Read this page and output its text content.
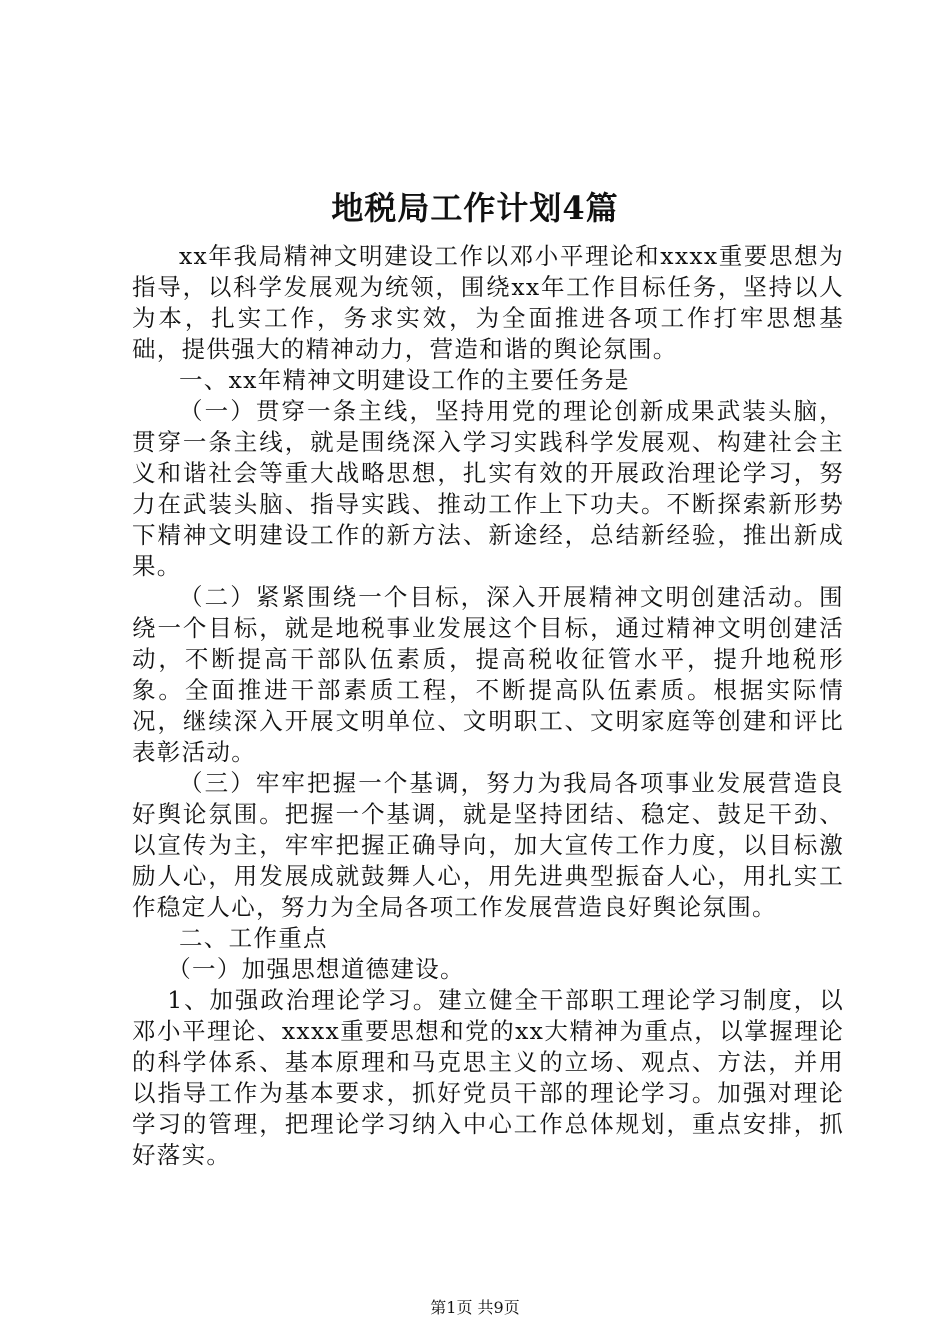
地税局工作计划4篇

xx年我局精神文明建设工作以邓小平理论和xxxx重要思想为指导，以科学发展观为统领，围绕xx年工作目标任务，坚持以人为本，扎实工作，务求实效，为全面推进各项工作打牢思想基础，提供强大的精神动力，营造和谐的舆论氛围。

一、xx年精神文明建设工作的主要任务是

（一）贯穿一条主线，坚持用党的理论创新成果武装头脑，贯穿一条主线，就是围绕深入学习实践科学发展观、构建社会主义和谐社会等重大战略思想，扎实有效的开展政治理论学习，努力在武装头脑、指导实践、推动工作上下功夫。不断探索新形势下精神文明建设工作的新方法、新途经，总结新经验，推出新成果。

（二）紧紧围绕一个目标，深入开展精神文明创建活动。围绕一个目标，就是地税事业发展这个目标，通过精神文明创建活动，不断提高干部队伍素质，提高税收征管水平，提升地税形象。全面推进干部素质工程，不断提高队伍素质。根据实际情况，继续深入开展文明单位、文明职工、文明家庭等创建和评比表彰活动。

（三）牢牢把握一个基调，努力为我局各项事业发展营造良好舆论氛围。把握一个基调，就是坚持团结、稳定、鼓足干劲、以宣传为主，牢牢把握正确导向，加大宣传工作力度，以目标激励人心，用发展成就鼓舞人心，用先进典型振奋人心，用扎实工作稳定人心，努力为全局各项工作发展营造良好舆论氛围。

二、工作重点

（一）加强思想道德建设。

1、加强政治理论学习。建立健全干部职工理论学习制度，以邓小平理论、xxxx重要思想和党的xx大精神为重点，以掌握理论的科学体系、基本原理和马克思主义的立场、观点、方法，并用以指导工作为基本要求，抓好党员干部的理论学习。加强对理论学习的管理，把理论学习纳入中心工作总体规划，重点安排，抓好落实。

第1页 共9页
